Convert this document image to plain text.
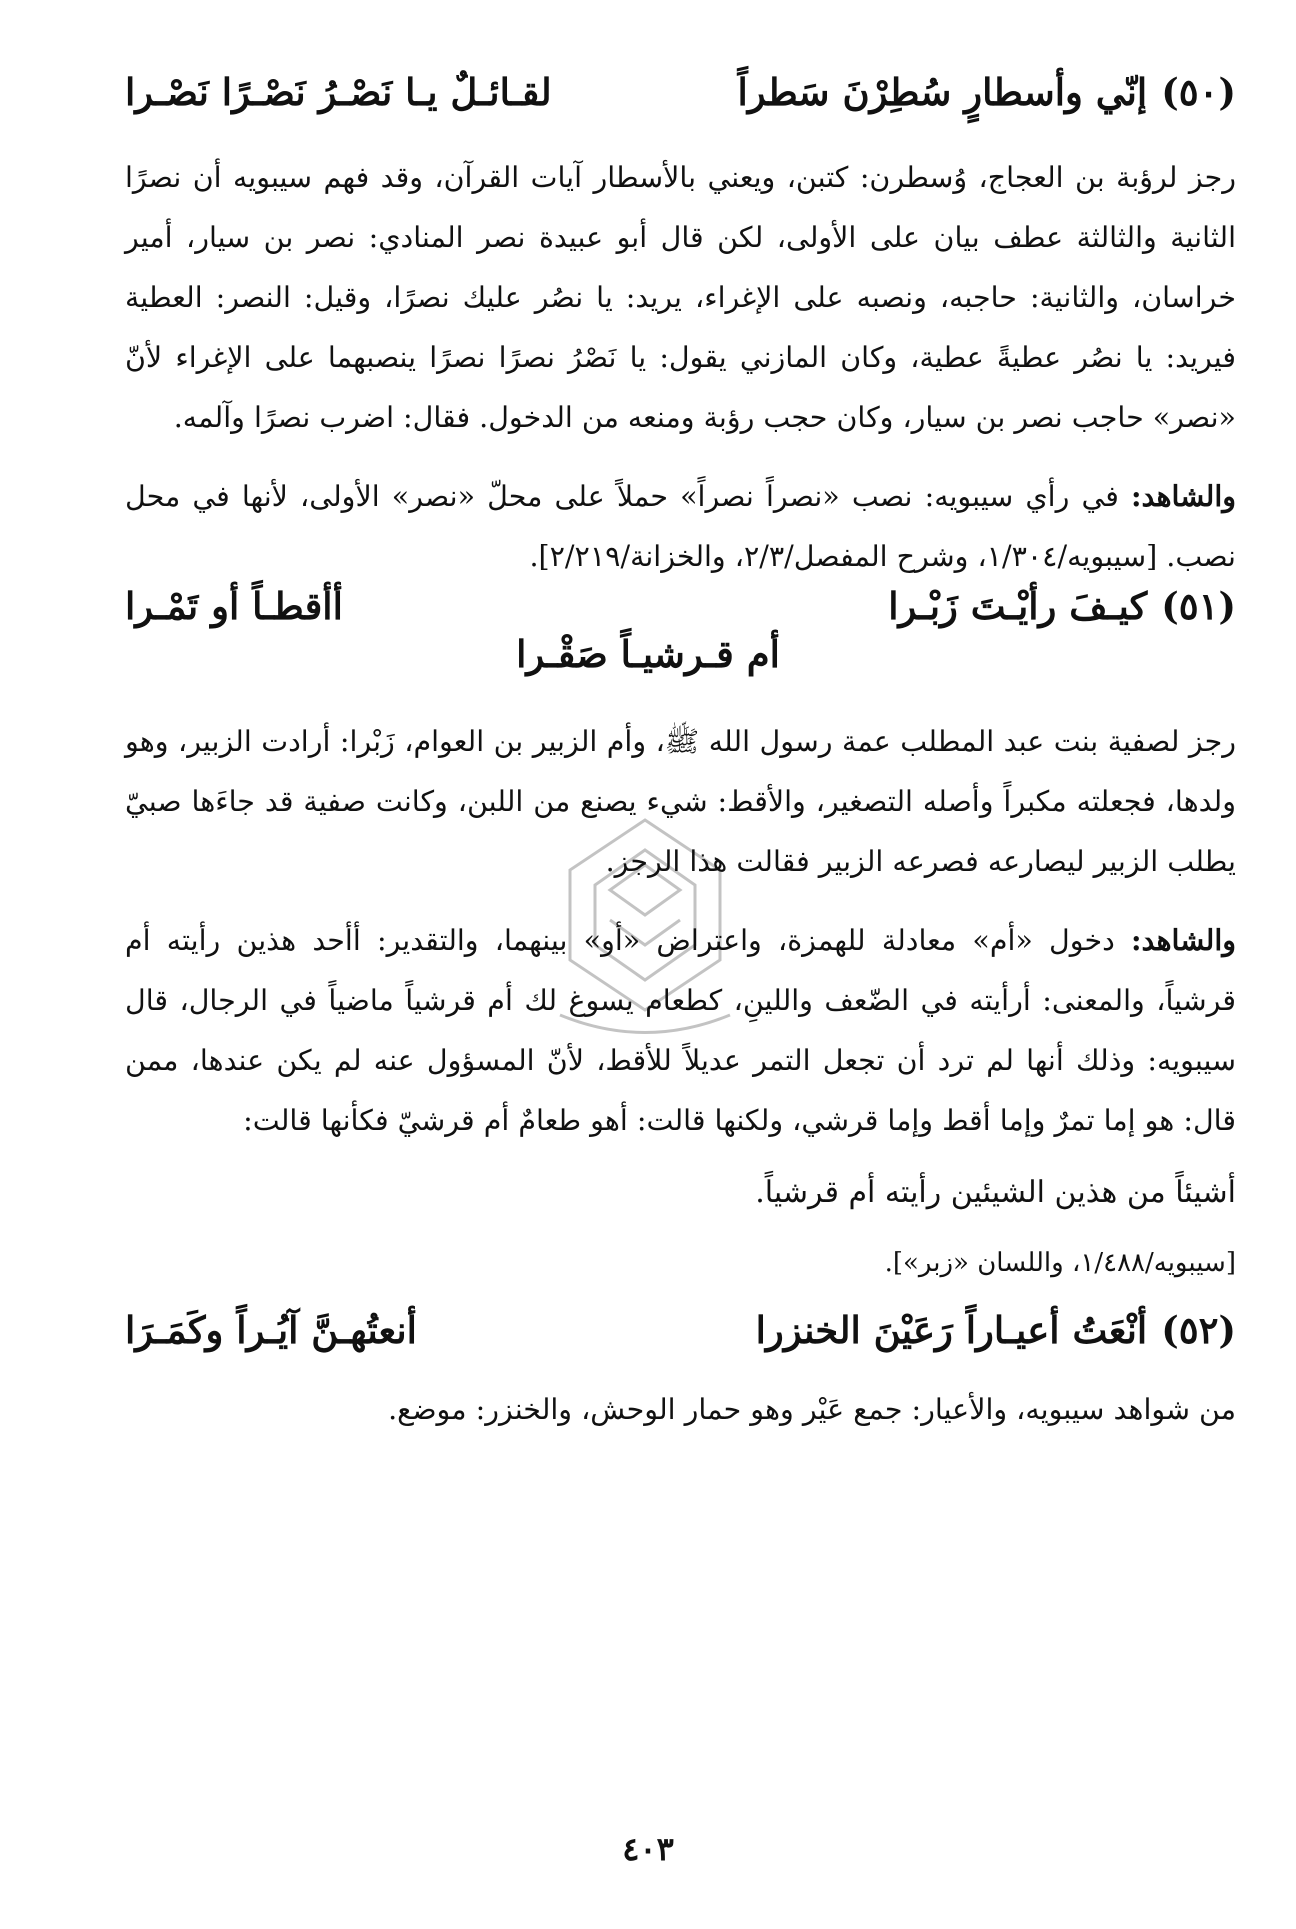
(٥٠)
إنّي وأسطارٍ سُطِرْنَ سَطراً
لقـائـلٌ يـا نَصْـرُ نَصْـرًا نَصْـرا
رجز لرؤبة بن العجاج، وُسطرن: كتبن، ويعني بالأسطار آيات القرآن، وقد فهم سيبويه أن نصرًا الثانية والثالثة عطف بيان على الأولى، لكن قال أبو عبيدة نصر المنادي: نصر بن سيار، أمير خراسان، والثانية: حاجبه، ونصبه على الإغراء، يريد: يا نصُر عليك نصرًا، وقيل: النصر: العطية فيريد: يا نصُر عطيةً عطية، وكان المازني يقول: يا نَصْرُ نصرًا نصرًا ينصبهما على الإغراء لأنّ «نصر» حاجب نصر بن سيار، وكان حجب رؤبة ومنعه من الدخول. فقال: اضرب نصرًا وآلمه.
والشاهد: في رأي سيبويه: نصب «نصراً نصراً» حملاً على محلّ «نصر» الأولى، لأنها في محل نصب. [سيبويه/١/٣٠٤، وشرح المفصل/٢/٣، والخزانة/٢/٢١٩].
(٥١)
كيـفَ رأيْـتَ زَبْـرا
أأقطـاً أو تَمْـرا
أم قـرشيـاً صَقْـرا
رجز لصفية بنت عبد المطلب عمة رسول الله ﷺ، وأم الزبير بن العوام، زَبْرا: أرادت الزبير، وهو ولدها، فجعلته مكبراً وأصله التصغير، والأقط: شيء يصنع من اللبن، وكانت صفية قد جاءَها صبيّ يطلب الزبير ليصارعه فصرعه الزبير فقالت هذا الرجز.
والشاهد: دخول «أم» معادلة للهمزة، واعتراض «أو» بينهما، والتقدير: أأحد هذين رأيته أم قرشياً، والمعنى: أرأيته في الضّعف واللينِ، كطعام يسوغ لك أم قرشياً ماضياً في الرجال، قال سيبويه: وذلك أنها لم ترد أن تجعل التمر عديلاً للأقط، لأنّ المسؤول عنه لم يكن عندها، ممن قال: هو إما تمرٌ وإما أقط وإما قرشي، ولكنها قالت: أهو طعامٌ أم قرشيّ فكأنها قالت:
أشيئاً من هذين الشيئين رأيته أم قرشياً.
[سيبويه/١/٤٨٨، واللسان «زبر»].
(٥٢)
أنْعَتُ أعيـاراً رَعَيْنَ الخنزرا
أنعتُهـنَّ آيُـراً وكَمَـرَا
من شواهد سيبويه، والأعيار: جمع عَيْر وهو حمار الوحش، والخنزر: موضع.
٤٠٣
